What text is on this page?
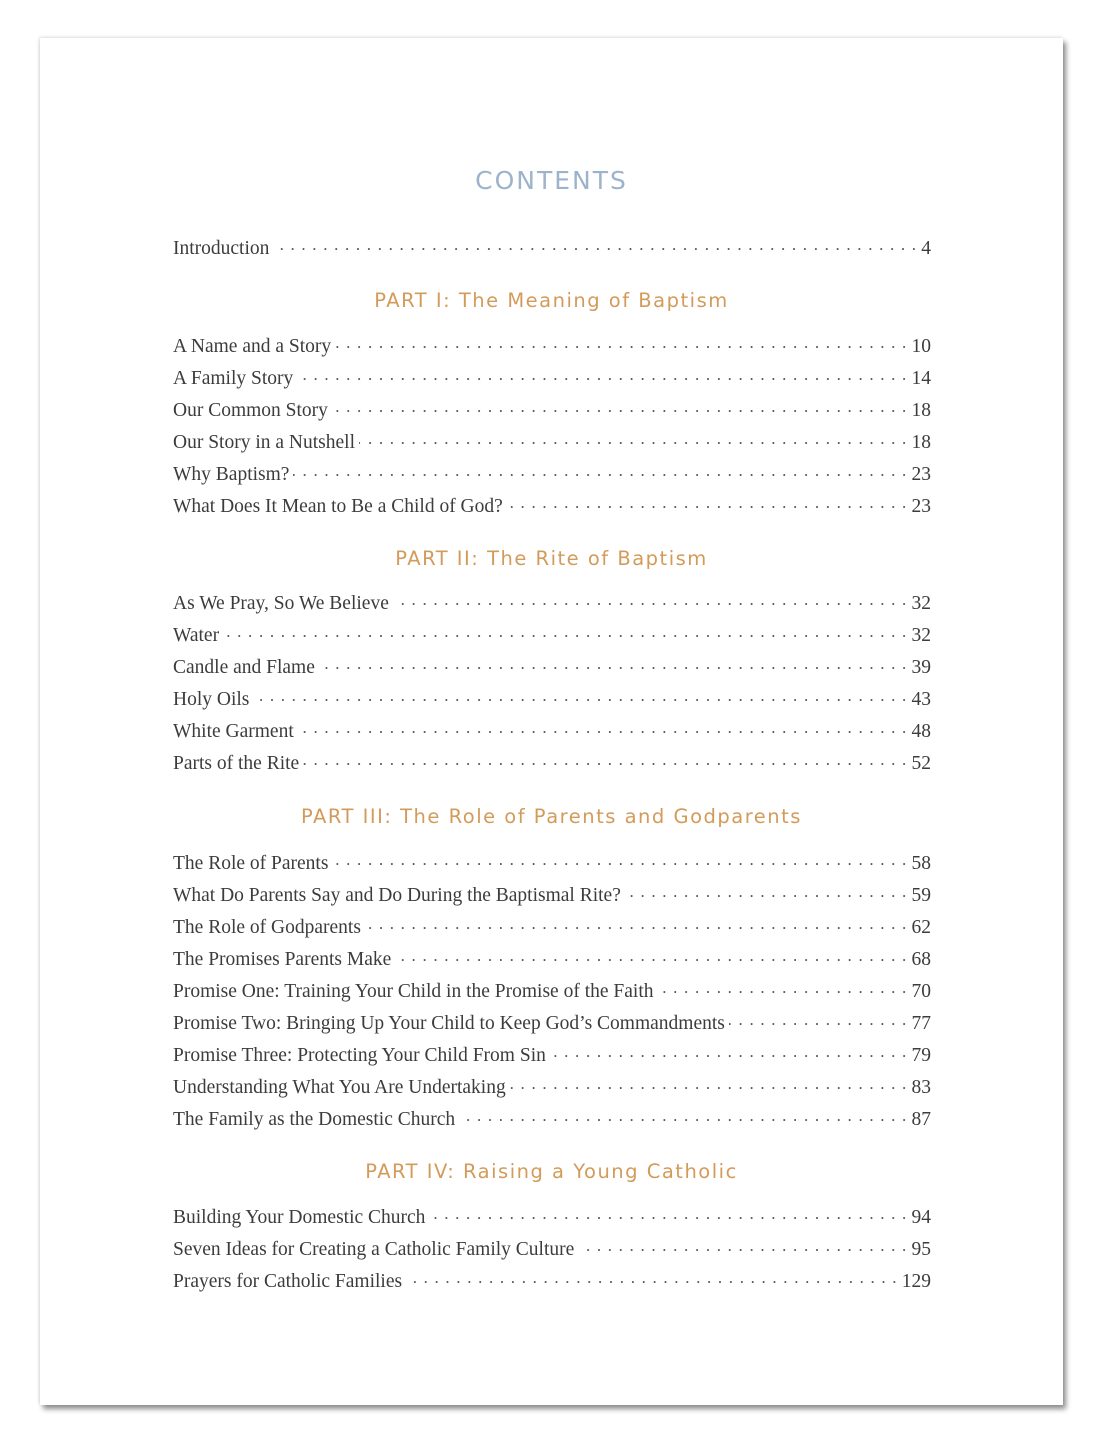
CONTENTS
Introduction . . .	4
PART I: The Meaning of Baptism
A Name and a Story . . .	10
A Family Story . . .	14
Our Common Story . . .	18
Our Story in a Nutshell . . .	18
Why Baptism? . . .	23
What Does It Mean to Be a Child of God? . . .	23
PART II: The Rite of Baptism
As We Pray, So We Believe . . .	32
Water . . .	32
Candle and Flame . . .	39
Holy Oils . . .	43
White Garment . . .	48
Parts of the Rite . . .	52
PART III: The Role of Parents and Godparents
The Role of Parents . . .	58
What Do Parents Say and Do During the Baptismal Rite? . . .	59
The Role of Godparents . . .	62
The Promises Parents Make . . .	68
Promise One: Training Your Child in the Promise of the Faith . . .	70
Promise Two: Bringing Up Your Child to Keep God’s Commandments . . .	77
Promise Three: Protecting Your Child From Sin . . .	79
Understanding What You Are Undertaking . . .	83
The Family as the Domestic Church . . .	87
PART IV: Raising a Young Catholic
Building Your Domestic Church . . .	94
Seven Ideas for Creating a Catholic Family Culture . . .	95
Prayers for Catholic Families . . .	129
